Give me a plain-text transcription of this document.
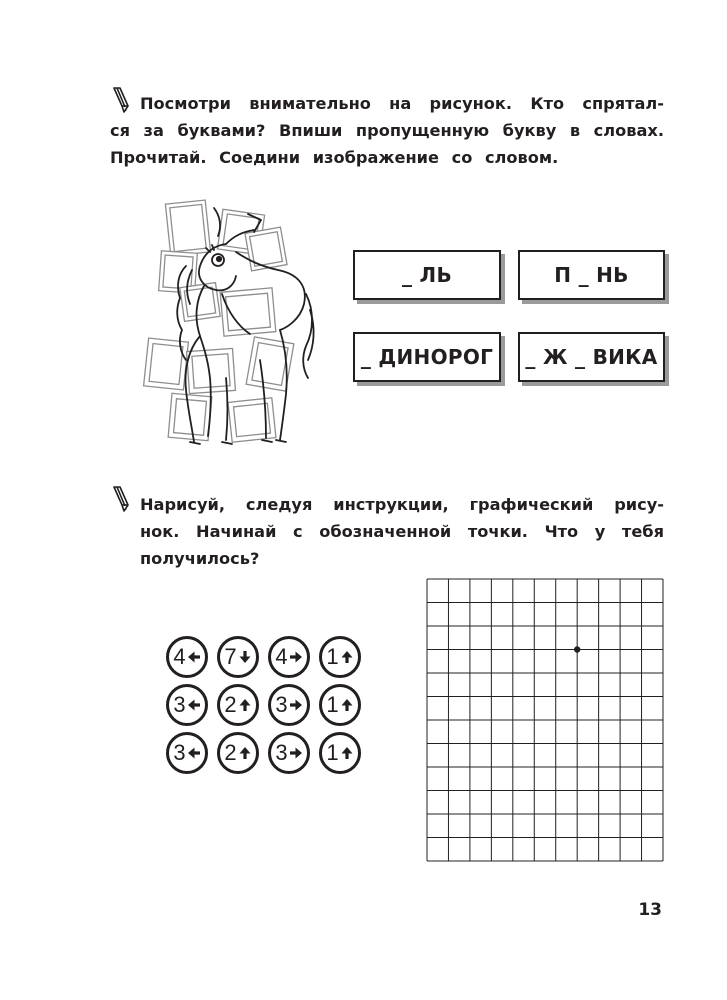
Посмотри внимательно на рисунок. Кто спрятал-
ся за буквами? Впиши пропущенную букву в словах.
Прочитай. Соедини изображение со словом.
_ ЛЬ	П _ НЬ
_ ДИНОРОГ	_ Ж _ ВИКА
Нарисуй, следуя инструкции, графический рису-
нок. Начинай с обозначенной точки. Что у тебя
получилось?
4 7 4 1
3 2 3 1
3 2 3 1
13
